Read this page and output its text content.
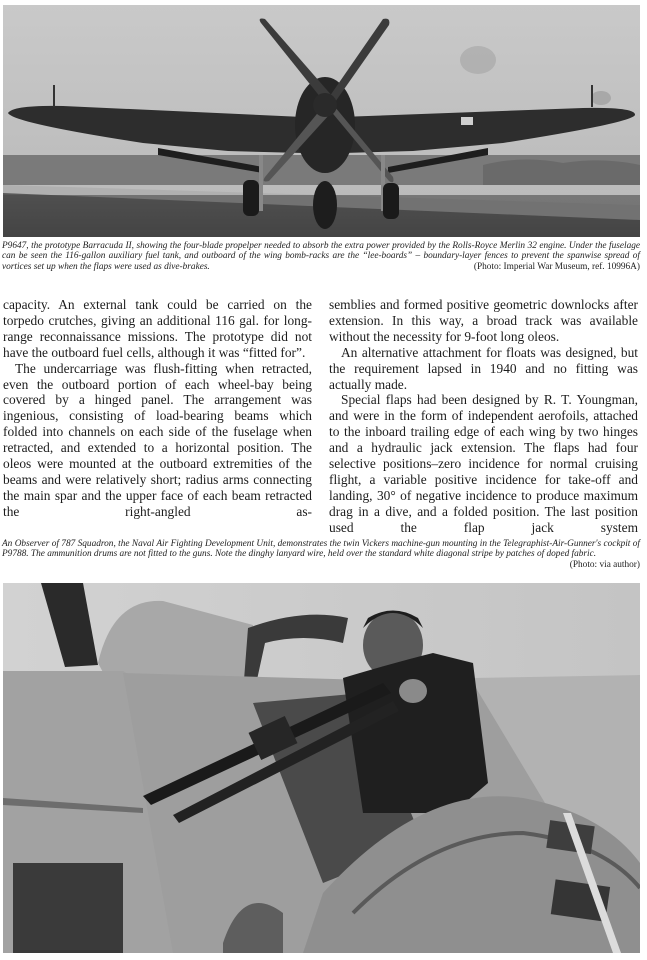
P9647, the prototype Barracuda II, showing the four-blade propelper needed to absorb the extra power provided by the Rolls-Royce Merlin 32 engine. Under the fuselage can be seen the 116-gallon auxiliary fuel tank, and outboard of the wing bomb-racks are the “lee-boards” – boundary-layer fences to prevent the spanwise spread of vortices set up when the flaps were used as dive-brakes.	(Photo: Imperial War Museum, ref. 10996A)

capacity. An external tank could be carried on the torpedo crutches, giving an additional 116 gal. for long-range reconnaissance missions. The prototype did not have the outboard fuel cells, although it was “fitted for”.

The undercarriage was flush-fitting when retracted, even the outboard portion of each wheel-bay being covered by a hinged panel. The arrangement was ingenious, consisting of load-bearing beams which folded into channels on each side of the fuselage when retracted, and extended to a horizontal position. The oleos were mounted at the outboard extremities of the beams and were relatively short; radius arms connecting the main spar and the upper face of each beam retracted the right-angled as-

semblies and formed positive geometric downlocks after extension. In this way, a broad track was available without the necessity for 9-foot long oleos.

An alternative attachment for floats was designed, but the requirement lapsed in 1940 and no fitting was actually made.

Special flaps had been designed by R. T. Youngman, and were in the form of independent aerofoils, attached to the inboard trailing edge of each wing by two hinges and a hydraulic jack extension. The flaps had four selective positions–zero incidence for normal cruising flight, a variable positive incidence for take-off and landing, 30° of negative incidence to produce maximum drag in a dive, and a folded position. The last position used the flap jack system

An Observer of 787 Squadron, the Naval Air Fighting Development Unit, demonstrates the twin Vickers machine-gun mounting in the Telegraphist-Air-Gunner's cockpit of P9788. The ammunition drums are not fitted to the guns. Note the dinghy lanyard wire, held over the standard white diagonal stripe by patches of doped fabric.
(Photo: via author)
